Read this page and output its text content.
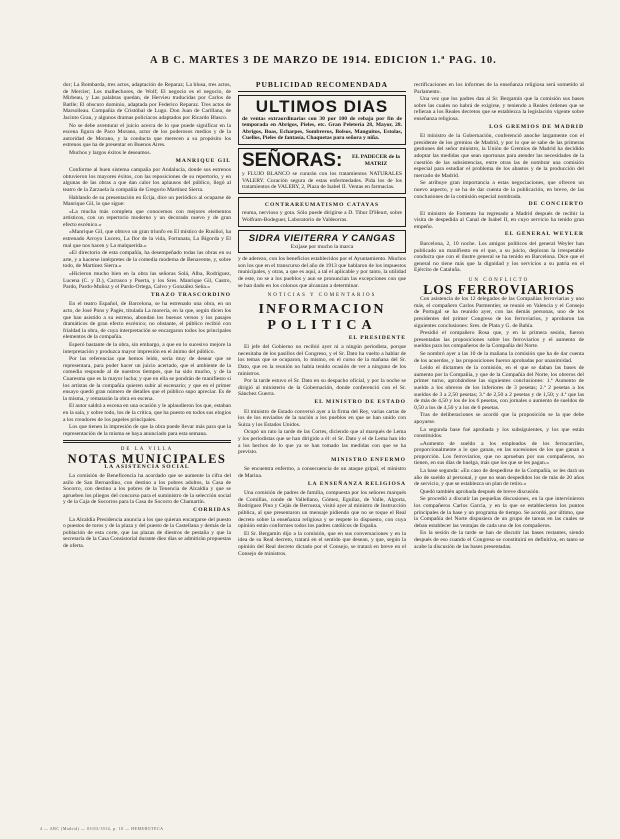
A B C. MARTES 3 DE MARZO DE 1914. EDICION 1.ª PAG. 10.

dor; La Bombarda, tres actos, adaptación de Reparaz; La blusa, tres actos, de Mercier; Los malhechores, de Wolf; El negocio es el negocio, de Mirbeau, y Las palabras quedan, de Hervieu traducidas por Carlos de Batlle; El obscuro dominio, adaptada por Federico Reparaz. Tres actos de Marsolleau. Compañía de Cristóbal de Lugo. Don Juan de Carillana, de Jacinto Grau, y algunos dramas policíacos adaptados por Ricardo Blasco.

No se debe aventurar el juicio acerca de lo que puede significar en la escena figura de Paco Morano, actor de los poderosos medios y de la autoridad de Morano, y la conducta que merecen a su propósito los estrenos que ha de presentar en Buenos Aires.

Muchos y largos éxitos le deseamos.

MANRIQUE GIL

Conforme al buen sistema campaña por Andalucía, donde sus estrenos obtuvieron los mayores éxitos, con las reposiciones de su repertorio, y en algunas de las obras a que dan calor los aplausos del público, llegó al teatro de la Zarzuela la compañía de Gregorio Martínez Sierra.

Hablando de su presentación en Ecija, dice un periódico al ocuparse de Manrique Gil, lo que sigue:

«La mucha más completa que conocemos con mejores elementos artísticos, con un repertorio moderno y un decorado nuevo y de gran efecto escénico.»

«Manrique Gil, que obtuvo un gran triunfo en El místico de Rusiñol, ha estrenado Arroyo Lucero, La flor de la vida, Fortunata, La Bigorda y El mal que nos hacen y La malquerida.»

«El directorio de esta compañía, ha desempeñado todas las obras en su arte, y a hacerse intérpretes de la comedia moderna de Benavente, y, sobre todo, de Martínez Sierra.»

«Hicieron mucho bien en la obra las señoras Solá, Alba, Rodríguez, Lucena (C. y D.), Carrasco y Puerta, y los Sres. Manrique Gil, Castro, Pardo, Pardo-Muñoz y el Pardo-Ortega, Calvo y González Seña.»

TRAZO TRASCORDINO

En el teatro Español, de Barcelona, se ha estrenado una obra, en un acto, de José Pons y Pagès, titulada La morería, en la que, según dicen los que han asistido a su estreno, abundan los buenos versos y los pasajes dramáticos de gran efecto escénico; no obstante, el público recibió con frialdad la obra, de cuya interpretación se encargaron todos los principales elementos de la compañía.

Esperó bastante de la obra, sin embargo, a que en lo sucesivo mejore la interpretación y produzca mayor impresión en el ánimo del público.

Por las referencias que hemos leído, sería muy de desear que se representara, para poder hacer un juicio acertado, que el ambiente de la comedia responde al de nuestros tiempos, que ha sido mucho, y de la Cuaresma que es la mayor lucha; y que en ella se pondrán de manifiesto si los artistas de la compañía quieren subir al escenario; y que en el primer ensayo quedó gran número de detalles que el público supo apreciar. Es de la misma, y rematarán la obra en escena.

El autor saldrá a escena en una ocasión y le aplaudieron los que, estaban en la sala, y sobre todo, los de la crítica, que ha puesto en todos sus elogios a los creadores de los papeles principales.

Los que tienen la impresión de que la obra puede llevar más para que la representación de la misma se haya anunciado para esta semana.

DE LA VILLA
NOTAS MUNICIPALES
LA ASISTENCIA SOCIAL

La comisión de Beneficencia ha acordado que se aumente la cifra del asilo de San Bernardino, con destino a los pobres adultos, la Casa de Socorro, con destino a los pobres de la Tenencia de Alcaldía y que se aprueben los pliegos del concurso para el suministro de la selección social y de la Caja de Socorros para la Casa de Socorro de Chamartín.

CORRIDAS

La Alcaldía Presidencia anuncia a los que quieran encargarse del puesto o puestos de toros y de la plaza y del puesto de la Castellana y demás de la población de esta corte, que las plazas de diestros de pestaña y que la secretaría de la Casa Consistorial durante diez días se admitirán propuestas de oferta.

PUBLICIDAD RECOMENDADA
ULTIMOS DIAS
de ventas extraordinarias con 30 por 100 de rebaja por fin de temporada en Abrigos, Pieles, etc. Gran Peletería 28, Mayor, 28. Abrigos, Boas, Echarpes, Sombreros, Bolsos, Manguitos, Estolas, Cuellos, Pieles de fantasía, Chaquetas para señora y niña.
SEÑORAS:	EL PADECER de la MATRIZ
y FLUJO BLANCO se curarán con los tratamientos NATURALES VALERY. Curación segura de estas enfermedades. Pida los de los tratamientos de VALERY, 2, Plaza de Isabel II. Ventas en farmacias.
CONTRAREUMATISMO CATAYAS
reuma, nervioso y gota. Sólo puede dirigirse a D. Tibur D'Heurt, sobre Wolfram-Bodeguer, Laboratorio de Valdeorras.
SIDRA VIEITERRA Y CANGAS
Exíjase por mucho la marca

y de aderezo, con los beneficios establecidos por el Ayuntamiento. Muchos son los que en el transcurso del año de 1913 que hablaron de los impuestos municipales, y otras, a que es aquí, a tal el aplicable y por tanto, la utilidad de este, no se a los pueblos y aun se pronuncian las excepciones con que se han dado en los colonos que alcanzan a determinar.

NOTICIAS Y COMENTARIOS
INFORMACION
POLITICA
EL PRESIDENTE

El jefe del Gobierno no recibió ayer ni a ningún periodista, porque necesitaba de los pasillos del Congreso, y el Sr. Dato ha vuelto a hablar de los temas que se ocuparon, lo mismo, en el curso de la mañana del Sr. Dato, que en la reunión no había tenido ocasión de ver a ninguno de los ministros.

Por la tarde estuvo el Sr. Dato en su despacho oficial, y por la noche se dirigió al ministerio de la Gobernación, donde conferenció con el Sr. Sánchez Guerra.

EL MINISTRO DE ESTADO

El ministro de Estado conversó ayer a la firma del Rey, varias cartas de los de los enviados de la nación a los pueblos en que se han unido con Suiza y los Estados Unidos.

Ocupó un rato la tarde de las Cortes, diciendo que al marqués de Lema y los periodistas que se han dirigido a él: el Sr. Dato y el de Lema han ido a los hechos de lo que ya se han tomado las medidas con que se ha previsto.

MINISTRO ENFERMO

Se encuentra enfermo, a consecuencia de un ataque gripal, el ministro de Marina.

LA ENSEÑANZA RELIGIOSA

Una comisión de padres de familia, compuesta por los señores marqués de Comillas, conde de Vallellano, Gómez, Eguilaz, de Valle, Algorta, Rodríguez Pino y Cejás de Berrueza, visitó ayer al ministro de Instrucción pública, al que presentaron un mensaje pidiendo que no se toque el Real decreto sobre la enseñanza religiosa y se respete lo dispuesto, con cuya opinión están conformes todos los padres católicos de España.

El Sr. Bergamín dijo a la comisión, que en sus conversaciones y en la idea de su Real decreto, tratará en el sentido que desean, y que, según la opinión del Real decreto dictado por el Consejo, se tratará en breve en el Consejo de ministros.

rectificaciones en los informes de la enseñanza religiosa será sometido al Parlamento.

Una vez que los padres dan al Sr. Bergamín que la comisión sus bases sobre las cuales no habrá de exigirse, y teniendo a Reales órdenes que se refieran a los Reales decretos que se establezca la legislación vigente sobre enseñanza religiosa.

LOS GREMIOS DE MADRID

El ministro de la Gobernación, conferenció anoche largamente con el presidente de los gremios de Madrid, y por lo que se sabe de las primeras gestiones del señor ministro, la Unión de Gremios de Madrid ha decidido adoptar las medidas que sean oportunas para atender las necesidades de la cuestión de las subsistencias, entre otras las de nombrar una comisión especial para estudiar el problema de los abastos y de la producción del mercado de Madrid.

Se atribuye gran importancia a estas negociaciones, que ofrecen un nuevo aspecto, y se ha de dar cuenta de la publicación, en breve, de las conclusiones de la comisión especial nombrada.

DE CONCIERTO

El ministro de Fomento ha regresado a Madrid después de recibir la visita de despedida al Canal de Isabel II, en cuyo servicio ha tenido gran empeño.

EL GENERAL WEYLER

Barcelona, 2, 10 noche. Los amigos políticos del general Weyler han publicado un manifiesto en el que, a su juicio, deploran la irrespetable conducta que con el ilustre general se ha tenido en Barcelona. Dice que el general no tiene más que la dignidad y los servicios a su patria en el Ejército de Cataluña.

UN CONFLICTO
LOS FERROVIARIOS

Con asistencia de los 12 delegados de las Compañías ferroviarias y uno más, el compañero Carlos Parmentier, se reunió en Valencia y el Consejo de Portugal se ha reunido ayer, con las demás personas, uno de los presidentes del primer Congreso de los ferroviarios, y aprobaron las siguientes conclusiones: Sres. de Plata y G. de Bahía.

Presidió el compañero Rosa que, y en la primera sesión, fueron presentadas las proposiciones sobre los ferroviarios y el aumento de sueldos para los compañeros de la Compañía del Norte.

Se nombró ayer a las 10 de la mañana la comisión que ha de dar cuenta de los acuerdos, y las proposiciones fueron aprobadas por unanimidad.

Leído el dictamen de la comisión, en el que se daban las bases de aumento por la Compañía, y que de la Compañía del Norte, los obreros del primer turno, aprobándose las siguientes conclusiones: 1.ª Aumento de sueldo a los obreros de los inferiores de 3 pesetas; 2.ª 2 pesetas a los sueldos de 3 a 2,50 pesetas; 3.ª de 2,50 a 2 pesetas y de 1,50; y 4.ª que las de más de 4,50 y los de los 6 pesetas, con jornales o aumento de sueldos de 0,50 a los de 4,50 y a los de 6 pesetas.

Tras de deliberaciones se acordó que la proposición se la que debe apoyarse.

La segunda base fué aprobada y los subsiguientes, y los que están constituidos.

«Aumento de sueldo a los empleados de los ferrocarriles, proporcionalmente a lo que ganan, en las sucesiones de los que ganan a proporción. Los ferroviarios, que no aprueban por sus compañeros, no tienen, en sus días de huelga, más que los que se les pagan.»

La base segunda: «En caso de despedirse de la Compañía, se les dará un año de sueldo al personal, y que no sean despedidos los de más de 20 años de servicio, y que se establezca un plan de retiro.»

Quedó también aprobada después de breve discusión.

Se procedió a discutir las pequeñas discusiones, en la que intervinieron los compañeros Carlos García, y en la que se establecieron los puntos principales de la base y un programa de tiempo. Se acordó, por último, que la Compañía del Norte dispusiera de un grupo de tareas en las cuales se deban establecer las ventajas de cada uno de los compañeros.

En la sesión de la tarde se han de discutir las bases restantes, siendo después de eso cuando el Congreso se constituirá en definitiva, en tanto se acabe la discusión de las bases presentadas.

4 — ABC (Madrid) — 03/03/1914, p. 10 — HEMEROTECA
